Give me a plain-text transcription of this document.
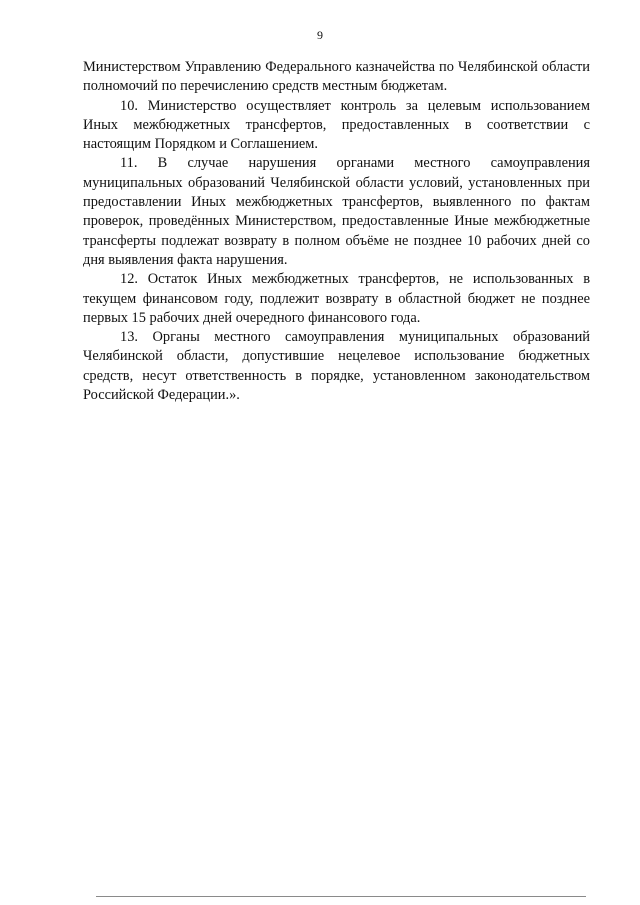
9

Министерством Управлению Федерального казначейства по Челябинской области полномочий по перечислению средств местным бюджетам.

10. Министерство осуществляет контроль за целевым использованием Иных межбюджетных трансфертов, предоставленных в соответствии с настоящим Порядком и Соглашением.

11. В случае нарушения органами местного самоуправления муниципальных образований Челябинской области условий, установленных при предоставлении Иных межбюджетных трансфертов, выявленного по фактам проверок, проведённых Министерством, предоставленные Иные межбюджетные трансферты подлежат возврату в полном объёме не позднее 10 рабочих дней со дня выявления факта нарушения.

12. Остаток Иных межбюджетных трансфертов, не использованных в текущем финансовом году, подлежит возврату в областной бюджет не позднее первых 15 рабочих дней очередного финансового года.

13. Органы местного самоуправления муниципальных образований Челябинской области, допустившие нецелевое использование бюджетных средств, несут ответственность в порядке, установленном законодательством Российской Федерации.».
